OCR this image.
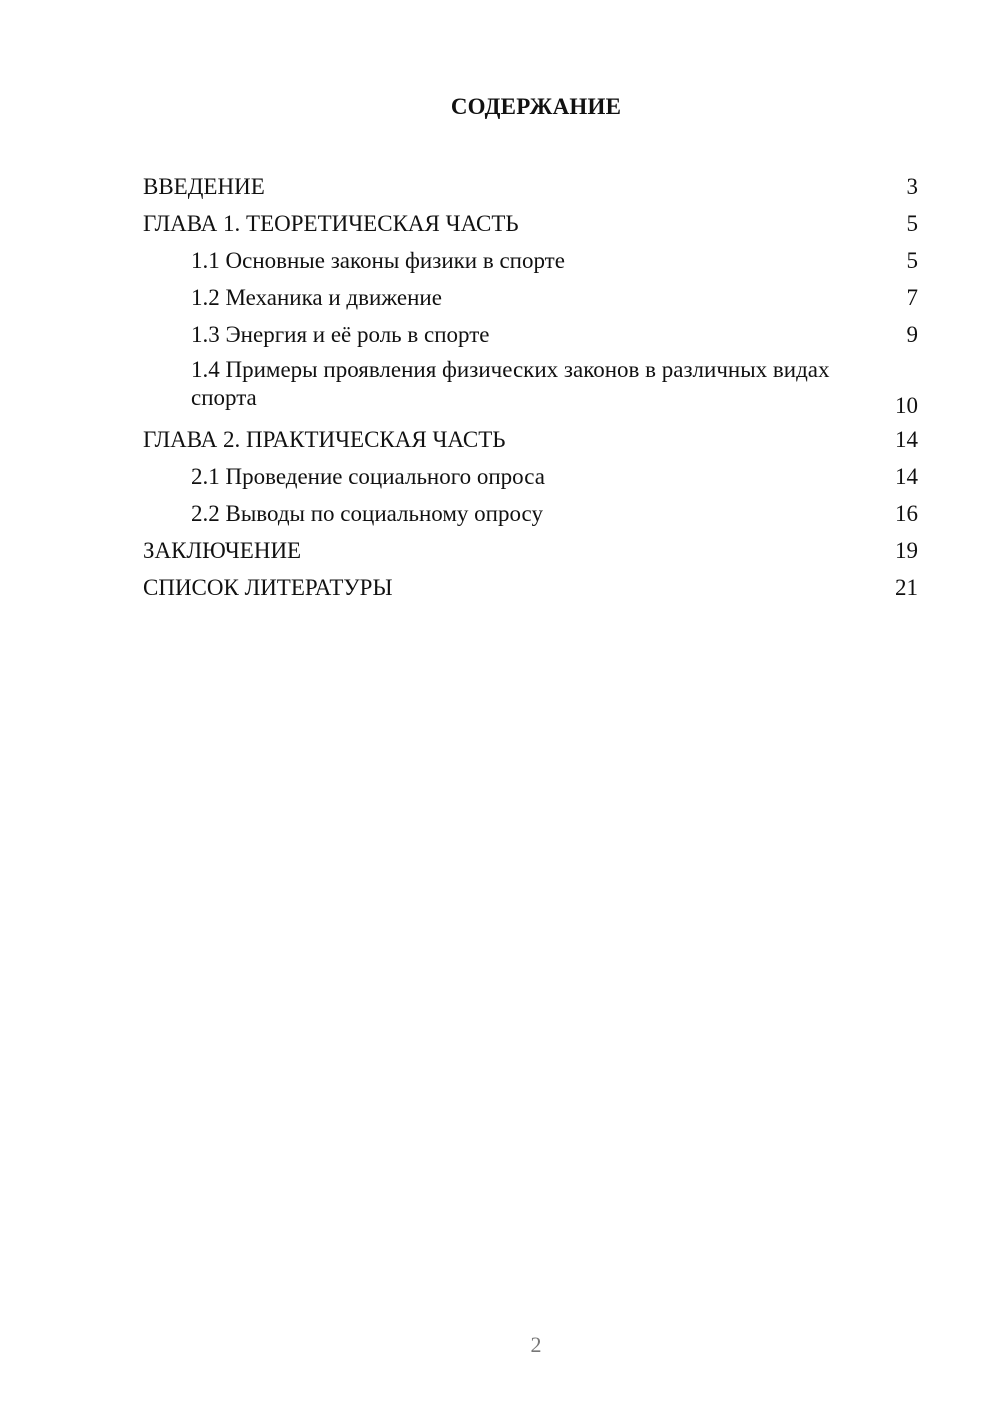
СОДЕРЖАНИЕ
ВВЕДЕНИЕ	3
ГЛАВА 1. ТЕОРЕТИЧЕСКАЯ ЧАСТЬ	5
1.1 Основные законы физики в спорте	5
1.2 Механика и движение	7
1.3 Энергия и её роль в спорте	9
1.4 Примеры проявления физических законов в различных видах спорта	10
ГЛАВА 2. ПРАКТИЧЕСКАЯ ЧАСТЬ	14
2.1 Проведение социального опроса	14
2.2 Выводы по социальному опросу	16
ЗАКЛЮЧЕНИЕ	19
СПИСОК ЛИТЕРАТУРЫ	21
2
